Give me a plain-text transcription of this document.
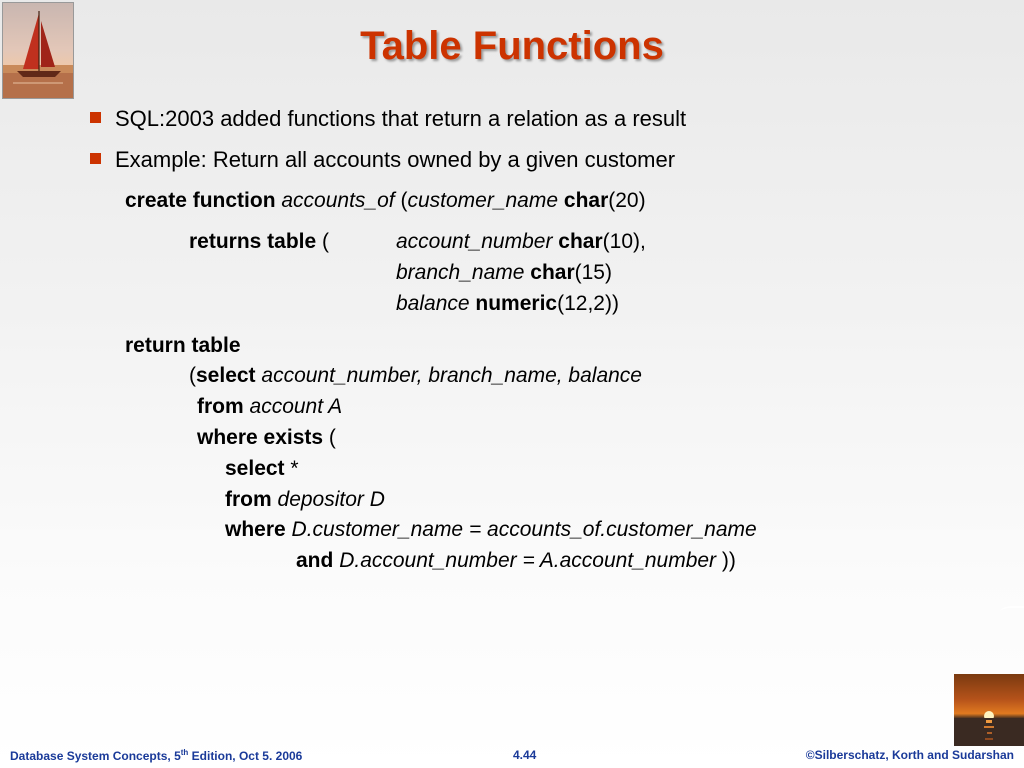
Table Functions
SQL:2003 added functions that return a relation as a result
Example: Return all accounts owned by a given customer
create function accounts_of (customer_name char(20)
returns table (	account_number char(10),
branch_name char(15)
balance numeric(12,2))
return table
(select account_number, branch_name, balance
from account A
where exists (
select *
from depositor D
where D.customer_name = accounts_of.customer_name
and D.account_number = A.account_number ))
Database System Concepts, 5th Edition, Oct 5. 2006	4.44	©Silberschatz, Korth and Sudarshan
